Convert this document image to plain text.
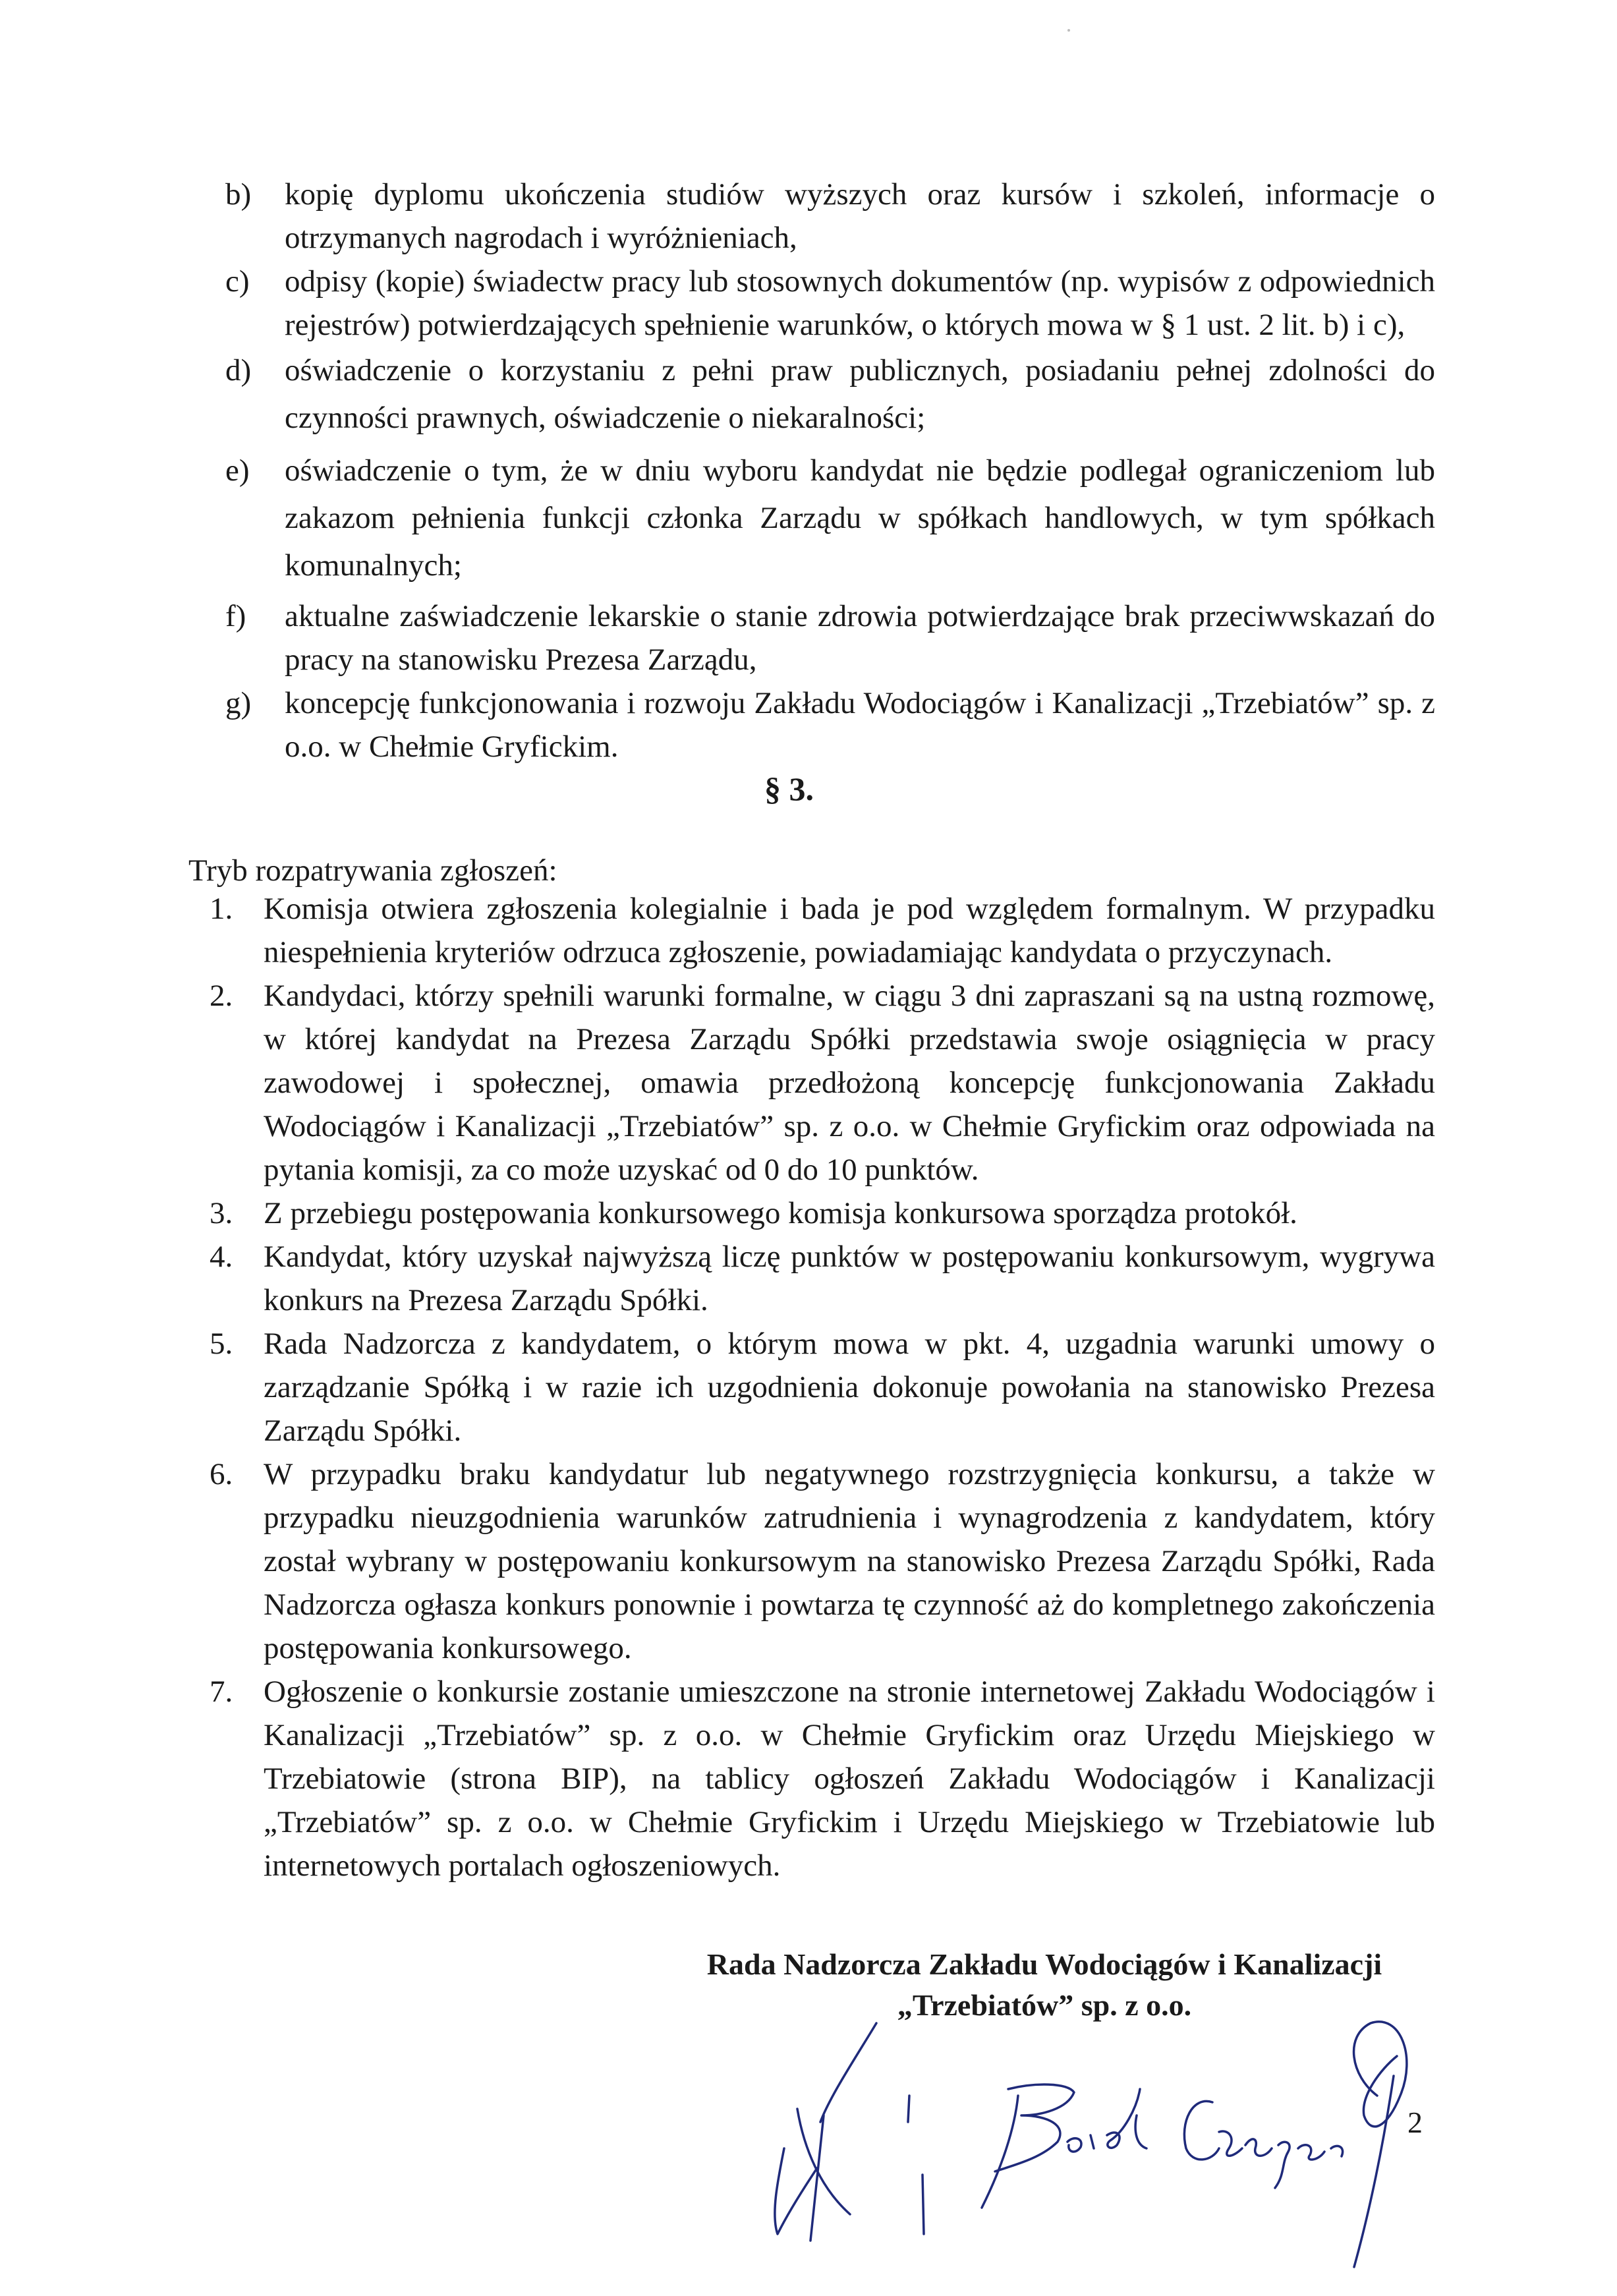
b)	kopię dyplomu ukończenia studiów wyższych oraz kursów i szkoleń, informacje o otrzymanych nagrodach i wyróżnieniach,
c)	odpisy (kopie) świadectw pracy lub stosownych dokumentów (np. wypisów z odpowiednich rejestrów) potwierdzających spełnienie warunków, o których mowa w § 1 ust. 2 lit. b) i c),
d)	oświadczenie o korzystaniu z pełni praw publicznych, posiadaniu pełnej zdolności do czynności prawnych, oświadczenie o niekaralności;
e)	oświadczenie o tym, że w dniu wyboru kandydat nie będzie podlegał ograniczeniom lub zakazom pełnienia funkcji członka Zarządu w spółkach handlowych, w tym spółkach komunalnych;
f)	aktualne zaświadczenie lekarskie o stanie zdrowia potwierdzające brak przeciwwskazań do pracy na stanowisku Prezesa Zarządu,
g)	koncepcję funkcjonowania i rozwoju Zakładu Wodociągów i Kanalizacji „Trzebiatów” sp. z o.o. w Chełmie Gryfickim.
§ 3.
Tryb rozpatrywania zgłoszeń:
1. Komisja otwiera zgłoszenia kolegialnie i bada je pod względem formalnym. W przypadku niespełnienia kryteriów odrzuca zgłoszenie, powiadamiając kandydata o przyczynach.
2. Kandydaci, którzy spełnili warunki formalne, w ciągu 3 dni zapraszani są na ustną rozmowę, w której kandydat na Prezesa Zarządu Spółki przedstawia swoje osiągnięcia w pracy zawodowej i społecznej, omawia przedłożoną koncepcję funkcjonowania Zakładu Wodociągów i Kanalizacji „Trzebiatów” sp. z o.o. w Chełmie Gryfickim oraz odpowiada na pytania komisji, za co może uzyskać od 0 do 10 punktów.
3. Z przebiegu postępowania konkursowego komisja konkursowa sporządza protokół.
4. Kandydat, który uzyskał najwyższą liczę punktów w postępowaniu konkursowym, wygrywa konkurs na Prezesa Zarządu Spółki.
5. Rada Nadzorcza z kandydatem, o którym mowa w pkt. 4, uzgadnia warunki umowy o zarządzanie Spółką i w razie ich uzgodnienia dokonuje powołania na stanowisko Prezesa Zarządu Spółki.
6. W przypadku braku kandydatur lub negatywnego rozstrzygnięcia konkursu, a także w przypadku nieuzgodnienia warunków zatrudnienia i wynagrodzenia z kandydatem, który został wybrany w postępowaniu konkursowym na stanowisko Prezesa Zarządu Spółki, Rada Nadzorcza ogłasza konkurs ponownie i powtarza tę czynność aż do kompletnego zakończenia postępowania konkursowego.
7. Ogłoszenie o konkursie zostanie umieszczone na stronie internetowej Zakładu Wodociągów i Kanalizacji „Trzebiatów” sp. z o.o. w Chełmie Gryfickim oraz Urzędu Miejskiego w Trzebiatowie (strona BIP), na tablicy ogłoszeń Zakładu Wodociągów i Kanalizacji „Trzebiatów” sp. z o.o. w Chełmie Gryfickim i Urzędu Miejskiego w Trzebiatowie lub internetowych portalach ogłoszeniowych.
Rada Nadzorcza Zakładu Wodociągów i Kanalizacji
„Trzebiatów” sp. z o.o.
2
